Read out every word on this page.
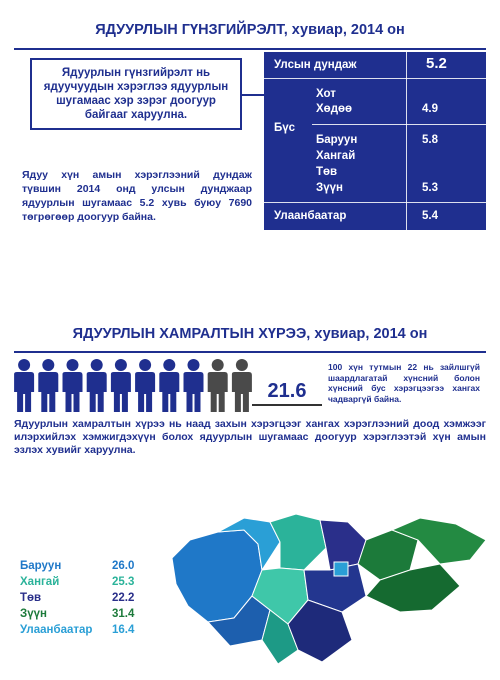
ЯДУУРЛЫН ГҮНЗГИЙРЭЛТ, хувиар, 2014 он
Ядуурлын гүнзгийрэлт нь ядуучуудын хэрэглээ ядуурлын шугамаас хэр зэрэг доогуур байгааг харуулна.
Ядуу хүн амын хэрэглээний дундаж түвшин 2014 онд улсын дунджаар ядуурлын шугамаас 5.2 хувь буюу 7690 төгрөгөөр доогуур байна.
Улсын дундаж	5.2
Бүс
Хот
Хөдөө	4.9
Баруун	5.8
Хангай
Төв
Зүүн	5.3
Улаанбаатар	5.4
ЯДУУРЛЫН ХАМРАЛТЫН ХҮРЭЭ, хувиар, 2014 он
21.6
100 хүн тутмын 22 нь зайлшгүй шаардлагатай хүнсний болон хүнсний бус хэрэгцээгээ хангах чадваргүй байна.
Ядуурлын хамралтын хүрээ нь наад захын хэрэгцээг хангах хэрэглээний доод хэмжээг илэрхийлэх хэмжигдэхүүн болох ядуурлын шугамаас доогуур хэрэглээтэй хүн амын эзлэх хувийг харуулна.
Баруун	26.0
Хангай	25.3
Төв	22.2
Зүүн	31.4
Улаанбаатар 16.4
